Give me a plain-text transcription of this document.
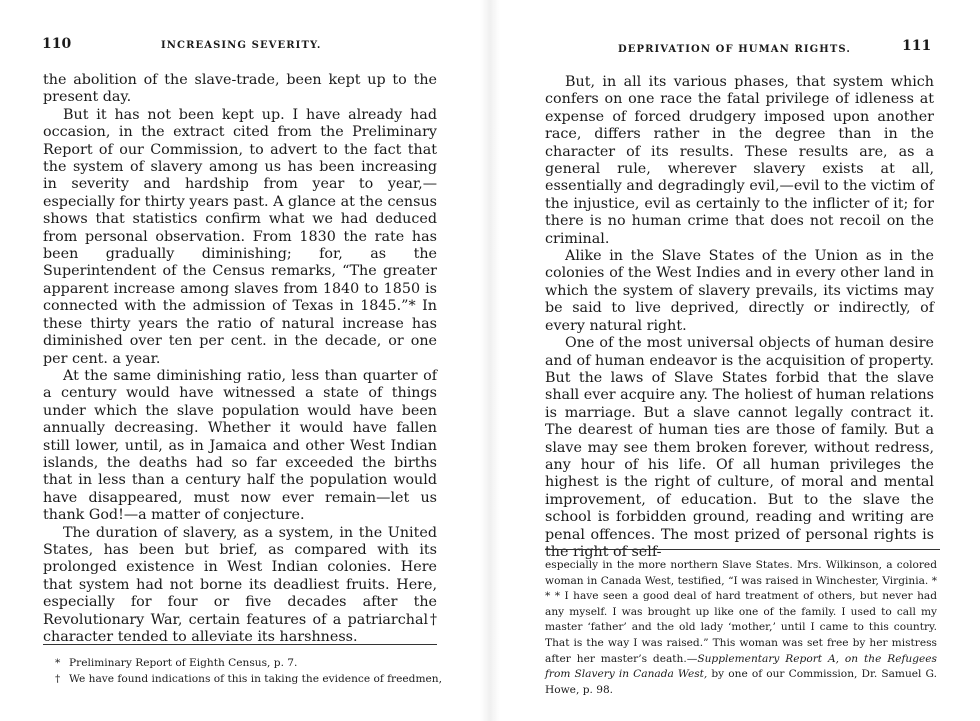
110	INCREASING SEVERITY.

the abolition of the slave-trade, been kept up to the present day.

But it has not been kept up. I have already had occasion, in the extract cited from the Preliminary Report of our Commission, to advert to the fact that the system of slavery among us has been increasing in severity and hardship from year to year,—especially for thirty years past. A glance at the census shows that statistics confirm what we had deduced from personal observation. From 1830 the rate has been gradually diminishing; for, as the Superintendent of the Census remarks, “The greater apparent increase among slaves from 1840 to 1850 is connected with the admission of Texas in 1845.”* In these thirty years the ratio of natural increase has diminished over ten per cent. in the decade, or one per cent. a year.

At the same diminishing ratio, less than quarter of a century would have witnessed a state of things under which the slave population would have been annually decreasing. Whether it would have fallen still lower, until, as in Jamaica and other West Indian islands, the deaths had so far exceeded the births that in less than a century half the population would have disappeared, must now ever remain—let us thank God!—a matter of conjecture.

The duration of slavery, as a system, in the United States, has been but brief, as compared with its prolonged existence in West Indian colonies. Here that system had not borne its deadliest fruits. Here, especially for four or five decades after the Revolutionary War, certain features of a patriarchal† character tended to alleviate its harshness.

* Preliminary Report of Eighth Census, p. 7.

† We have found indications of this in taking the evidence of freedmen,

DEPRIVATION OF HUMAN RIGHTS.	111

But, in all its various phases, that system which confers on one race the fatal privilege of idleness at expense of forced drudgery imposed upon another race, differs rather in the degree than in the character of its results. These results are, as a general rule, wherever slavery exists at all, essentially and degradingly evil,—evil to the victim of the injustice, evil as certainly to the inflicter of it; for there is no human crime that does not recoil on the criminal.

Alike in the Slave States of the Union as in the colonies of the West Indies and in every other land in which the system of slavery prevails, its victims may be said to live deprived, directly or indirectly, of every natural right.

One of the most universal objects of human desire and of human endeavor is the acquisition of property. But the laws of Slave States forbid that the slave shall ever acquire any. The holiest of human relations is marriage. But a slave cannot legally contract it. The dearest of human ties are those of family. But a slave may see them broken forever, without redress, any hour of his life. Of all human privileges the highest is the right of culture, of moral and mental improvement, of education. But to the slave the school is forbidden ground, reading and writing are penal offences. The most prized of personal rights is the right of self-

especially in the more northern Slave States. Mrs. Wilkinson, a colored woman in Canada West, testified, “I was raised in Winchester, Virginia. * * * I have seen a good deal of hard treatment of others, but never had any myself. I was brought up like one of the family. I used to call my master ‘father’ and the old lady ‘mother,’ until I came to this country. That is the way I was raised.” This woman was set free by her mistress after her master’s death.—Supplementary Report A, on the Refugees from Slavery in Canada West, by one of our Commission, Dr. Samuel G. Howe, p. 98.
